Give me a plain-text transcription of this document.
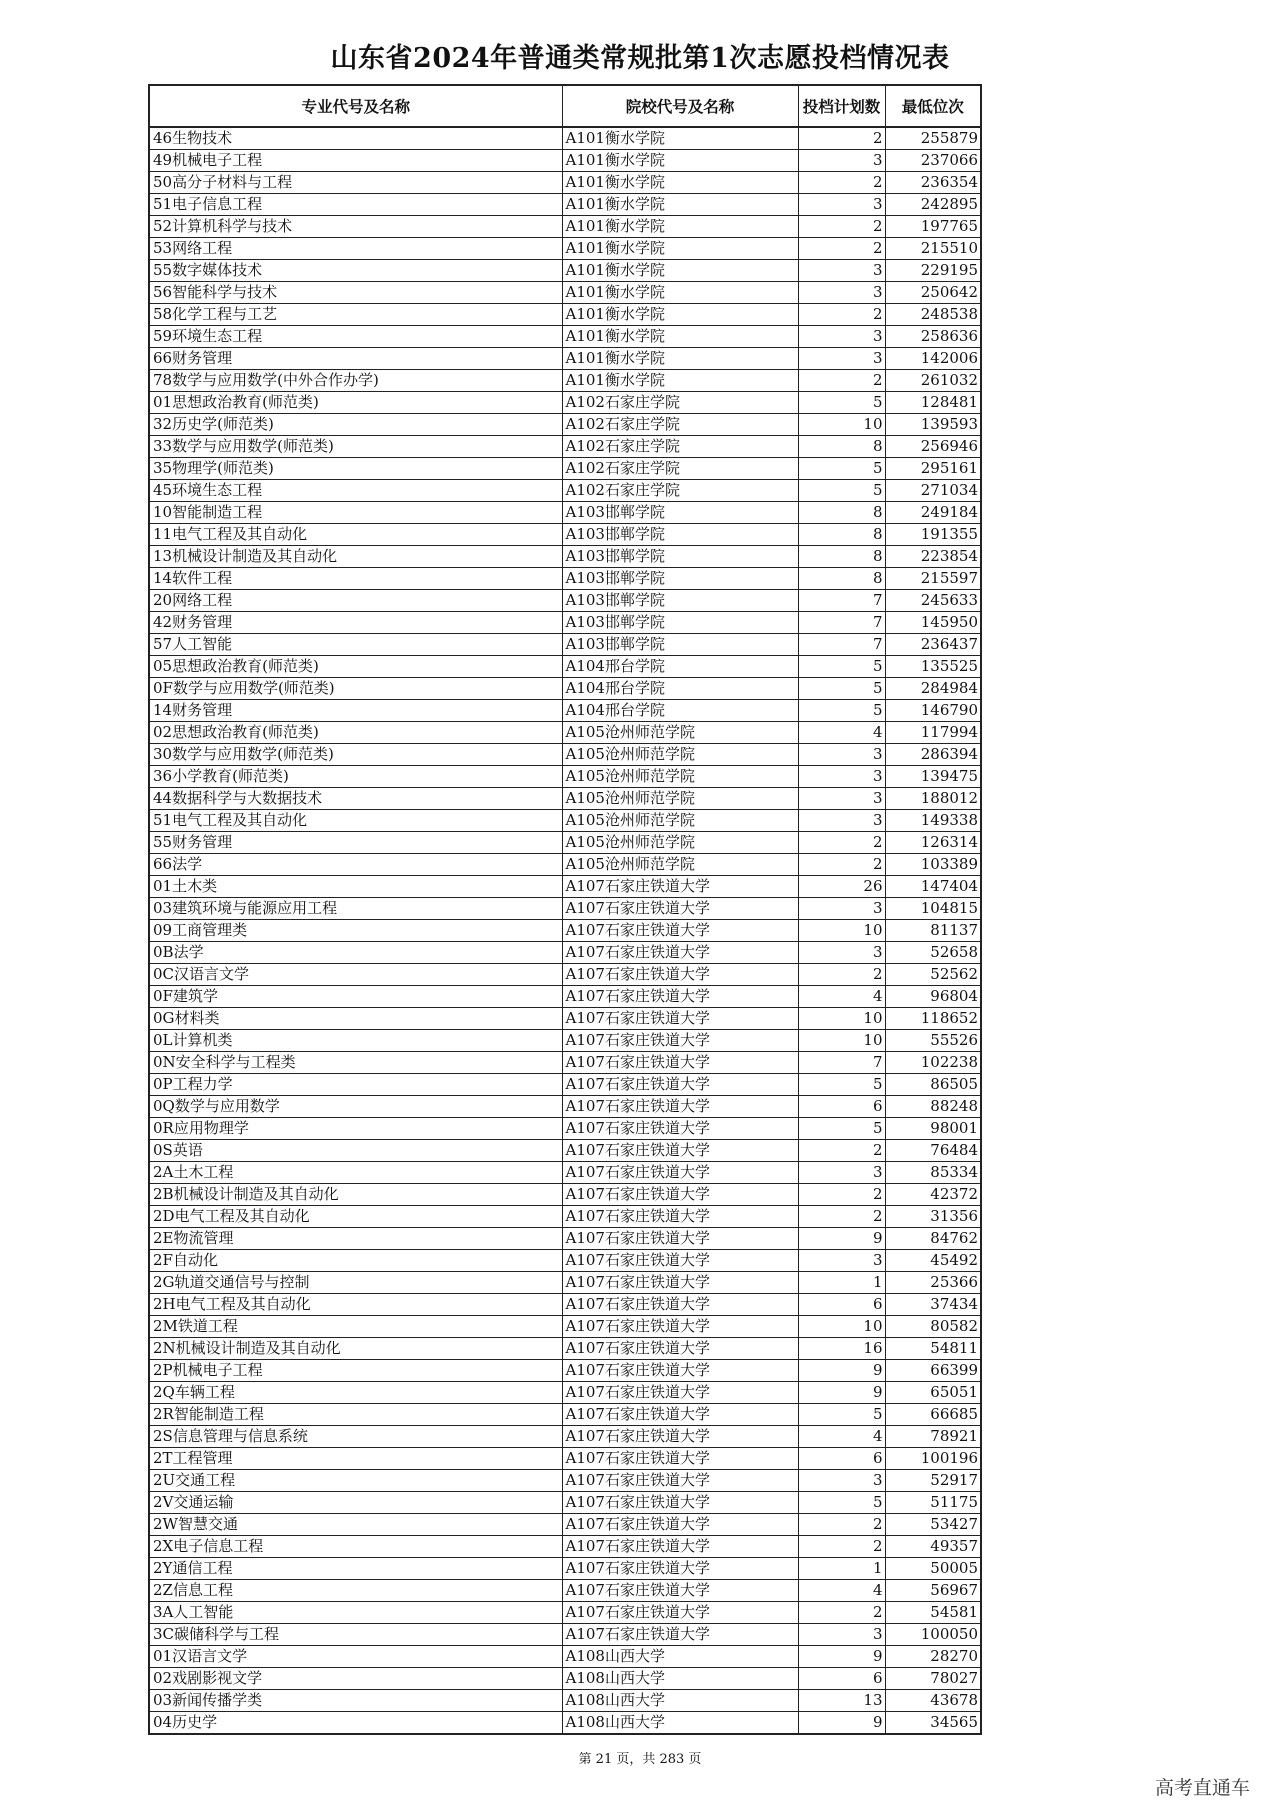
山东省2024年普通类常规批第1次志愿投档情况表
专业代号及名称	院校代号及名称	投档计划数	最低位次
46生物技术	A101衡水学院	2	255879
49机械电子工程	A101衡水学院	3	237066
50高分子材料与工程	A101衡水学院	2	236354
51电子信息工程	A101衡水学院	3	242895
52计算机科学与技术	A101衡水学院	2	197765
53网络工程	A101衡水学院	2	215510
55数字媒体技术	A101衡水学院	3	229195
56智能科学与技术	A101衡水学院	3	250642
58化学工程与工艺	A101衡水学院	2	248538
59环境生态工程	A101衡水学院	3	258636
66财务管理	A101衡水学院	3	142006
78数学与应用数学(中外合作办学)	A101衡水学院	2	261032
01思想政治教育(师范类)	A102石家庄学院	5	128481
32历史学(师范类)	A102石家庄学院	10	139593
33数学与应用数学(师范类)	A102石家庄学院	8	256946
35物理学(师范类)	A102石家庄学院	5	295161
45环境生态工程	A102石家庄学院	5	271034
10智能制造工程	A103邯郸学院	8	249184
11电气工程及其自动化	A103邯郸学院	8	191355
13机械设计制造及其自动化	A103邯郸学院	8	223854
14软件工程	A103邯郸学院	8	215597
20网络工程	A103邯郸学院	7	245633
42财务管理	A103邯郸学院	7	145950
57人工智能	A103邯郸学院	7	236437
05思想政治教育(师范类)	A104邢台学院	5	135525
0F数学与应用数学(师范类)	A104邢台学院	5	284984
14财务管理	A104邢台学院	5	146790
02思想政治教育(师范类)	A105沧州师范学院	4	117994
30数学与应用数学(师范类)	A105沧州师范学院	3	286394
36小学教育(师范类)	A105沧州师范学院	3	139475
44数据科学与大数据技术	A105沧州师范学院	3	188012
51电气工程及其自动化	A105沧州师范学院	3	149338
55财务管理	A105沧州师范学院	2	126314
66法学	A105沧州师范学院	2	103389
01土木类	A107石家庄铁道大学	26	147404
03建筑环境与能源应用工程	A107石家庄铁道大学	3	104815
09工商管理类	A107石家庄铁道大学	10	81137
0B法学	A107石家庄铁道大学	3	52658
0C汉语言文学	A107石家庄铁道大学	2	52562
0F建筑学	A107石家庄铁道大学	4	96804
0G材料类	A107石家庄铁道大学	10	118652
0L计算机类	A107石家庄铁道大学	10	55526
0N安全科学与工程类	A107石家庄铁道大学	7	102238
0P工程力学	A107石家庄铁道大学	5	86505
0Q数学与应用数学	A107石家庄铁道大学	6	88248
0R应用物理学	A107石家庄铁道大学	5	98001
0S英语	A107石家庄铁道大学	2	76484
2A土木工程	A107石家庄铁道大学	3	85334
2B机械设计制造及其自动化	A107石家庄铁道大学	2	42372
2D电气工程及其自动化	A107石家庄铁道大学	2	31356
2E物流管理	A107石家庄铁道大学	9	84762
2F自动化	A107石家庄铁道大学	3	45492
2G轨道交通信号与控制	A107石家庄铁道大学	1	25366
2H电气工程及其自动化	A107石家庄铁道大学	6	37434
2M铁道工程	A107石家庄铁道大学	10	80582
2N机械设计制造及其自动化	A107石家庄铁道大学	16	54811
2P机械电子工程	A107石家庄铁道大学	9	66399
2Q车辆工程	A107石家庄铁道大学	9	65051
2R智能制造工程	A107石家庄铁道大学	5	66685
2S信息管理与信息系统	A107石家庄铁道大学	4	78921
2T工程管理	A107石家庄铁道大学	6	100196
2U交通工程	A107石家庄铁道大学	3	52917
2V交通运输	A107石家庄铁道大学	5	51175
2W智慧交通	A107石家庄铁道大学	2	53427
2X电子信息工程	A107石家庄铁道大学	2	49357
2Y通信工程	A107石家庄铁道大学	1	50005
2Z信息工程	A107石家庄铁道大学	4	56967
3A人工智能	A107石家庄铁道大学	2	54581
3C碳储科学与工程	A107石家庄铁道大学	3	100050
01汉语言文学	A108山西大学	9	28270
02戏剧影视文学	A108山西大学	6	78027
03新闻传播学类	A108山西大学	13	43678
04历史学	A108山西大学	9	34565
第 21 页，共 283 页
高考直通车
